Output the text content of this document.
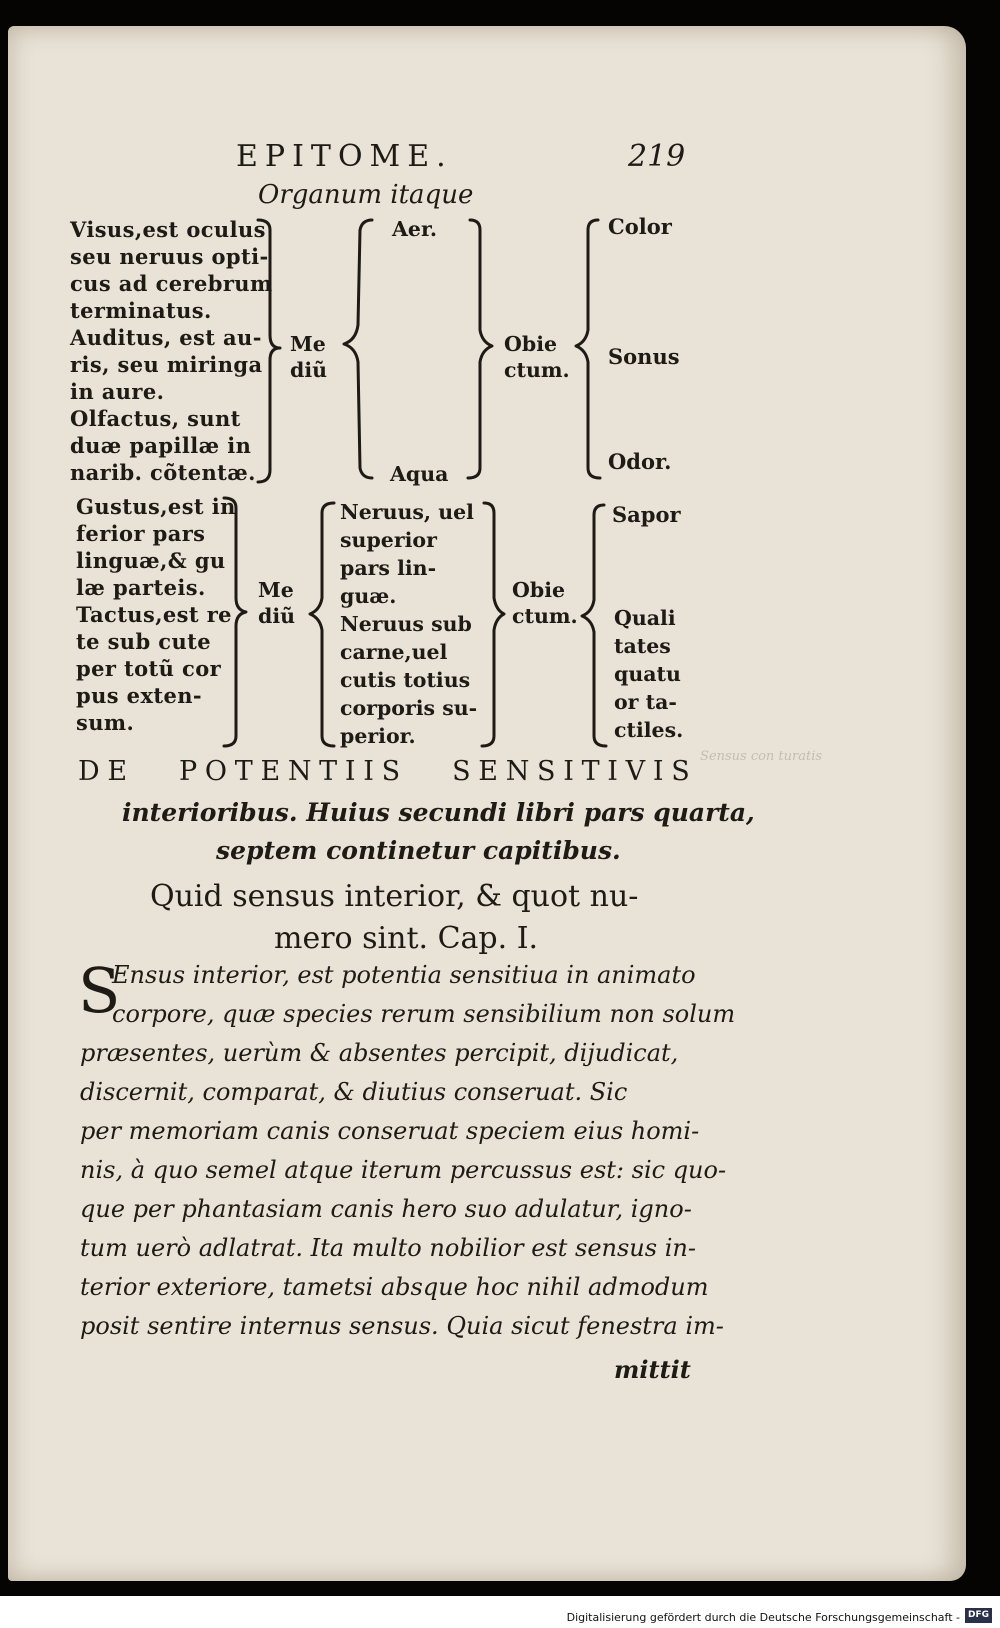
EPITOME.	219

Organum itaque

Visus,est oculus

seu neruus opti-

cus ad cerebrum

terminatus.

Auditus, est au-

ris, seu miringa

in aure.

Olfactus, sunt

duæ papillæ in

narib. cõtentæ.

Me

diũ

Aer.

Aqua

Obie

ctum.

Color

Sonus

Odor.

Gustus,est in

ferior pars

linguæ,& gu

læ parteis.

Tactus,est re

te sub cute

per totũ cor

pus exten-

sum.

Me

diũ

Neruus, uel

superior

pars lin-

guæ.

Neruus sub

carne,uel

cutis totius

corporis su-

perior.

Obie

ctum.

Sapor

Quali

tates

quatu

or ta-

ctiles.

DE POTENTIIS SENSITIVIS

interioribus. Huius secundi libri pars quarta,

septem continetur capitibus.

Quid sensus interior, & quot nu-

mero sint. Cap. I.

S

Ensus interior, est potentia sensitiua in animato

corpore, quæ species rerum sensibilium non solum

præsentes, uerùm & absentes percipit, dijudicat,

discernit, comparat, & diutius conseruat. Sic

per memoriam canis conseruat speciem eius homi-

nis, à quo semel atque iterum percussus est: sic quo-

que per phantasiam canis hero suo adulatur, igno-

tum uerò adlatrat. Ita multo nobilior est sensus in-

terior exteriore, tametsi absque hoc nihil admodum

posit sentire internus sensus. Quia sicut fenestra im-

mittit

Sensus con turatis

Digitalisierung gefördert durch die Deutsche Forschungsgemeinschaft - DFG
